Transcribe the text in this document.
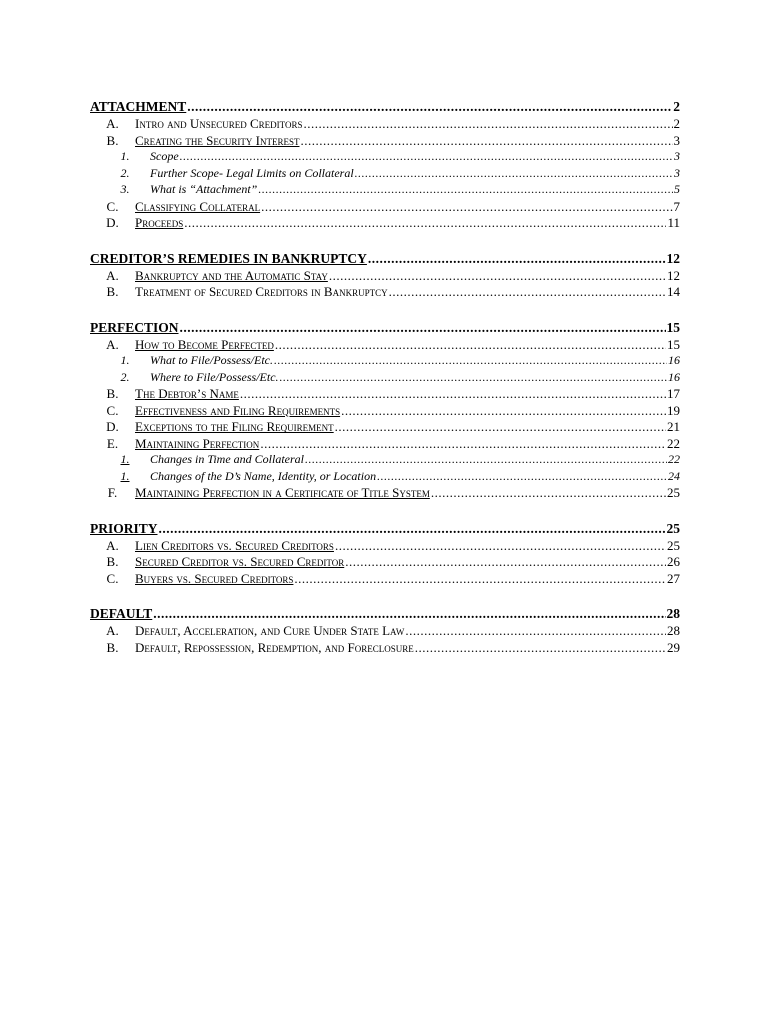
ATTACHMENT .....	2
A.	Intro and Unsecured Creditors .....	2
B.	Creating the Security Interest .....	3
1.	Scope .....	3
2.	Further Scope- Legal Limits on Collateral .....	3
3.	What is “Attachment” .....	5
C.	Classifying Collateral .....	7
D.	Proceeds .....	11
CREDITOR’S REMEDIES IN BANKRUPTCY .....	12
A.	Bankruptcy and the Automatic Stay .....	12
B.	Treatment of Secured Creditors in Bankruptcy .....	14
PERFECTION .....	15
A.	How to Become Perfected .....	15
1.	What to File/Possess/Etc. .....	16
2.	Where to File/Possess/Etc. .....	16
B.	The Debtor’s Name .....	17
C.	Effectiveness and Filing Requirements .....	19
D.	Exceptions to the Filing Requirement .....	21
E.	Maintaining Perfection .....	22
1.	Changes in Time and Collateral .....	22
1.	Changes of the D’s Name, Identity, or Location .....	24
F.	Maintaining Perfection in a Certificate of Title System .....	25
PRIORITY .....	25
A.	Lien Creditors vs. Secured Creditors .....	25
B.	Secured Creditor vs. Secured Creditor .....	26
C.	Buyers vs. Secured Creditors .....	27
DEFAULT .....	28
A.	Default, Acceleration, and Cure Under State Law .....	28
B.	Default, Repossession, Redemption, and Foreclosure .....	29
